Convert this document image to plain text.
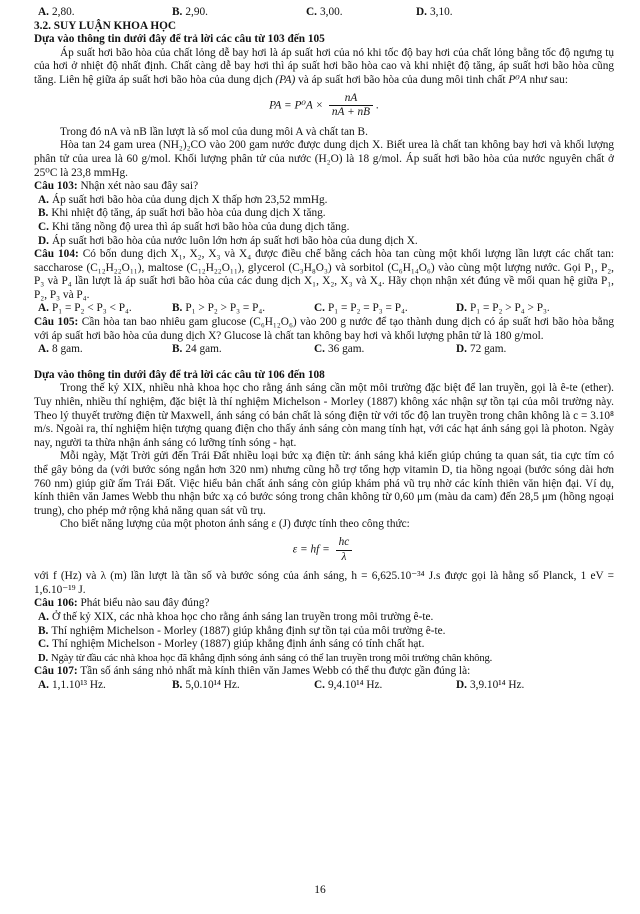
A. 2,80.	B. 2,90.	C. 3,00.	D. 3,10.
3.2. SUY LUẬN KHOA HỌC
Dựa vào thông tin dưới đây để trả lời các câu từ 103 đến 105
Áp suất hơi bão hòa của chất lỏng dễ bay hơi là áp suất hơi của nó khi tốc độ bay hơi của chất lỏng bằng tốc độ ngưng tụ của hơi ở nhiệt độ nhất định. Chất càng dễ bay hơi thì áp suất hơi bão hòa cao và khi nhiệt độ tăng, áp suất hơi bão hòa cũng tăng. Liên hệ giữa áp suất hơi bão hòa của dung dịch (PA) và áp suất hơi bão hòa của dung môi tinh chất P⁰A như sau:
PA = $P^0A \times \frac{nA}{nA + nB}$ .
Trong đó nA và nB lần lượt là số mol của dung môi A và chất tan B.
Hòa tan 24 gam urea (NH₂)₂CO vào 200 gam nước được dung dịch X. Biết urea là chất tan không bay hơi và khối lượng phân tử của urea là 60 g/mol. Khối lượng phân tử của nước (H₂O) là 18 g/mol. Áp suất hơi bão hòa của nước nguyên chất ở 25⁰C là 23,8 mmHg.
Câu 103: Nhận xét nào sau đây sai?
A. Áp suất hơi bão hòa của dung dịch X thấp hơn 23,52 mmHg.
B. Khi nhiệt độ tăng, áp suất hơi bão hòa của dung dịch X tăng.
C. Khi tăng nồng độ urea thì áp suất hơi bão hòa của dung dịch tăng.
D. Áp suất hơi bão hòa của nước luôn lớn hơn áp suất hơi bão hòa của dung dịch X.
Câu 104: Có bốn dung dịch X₁, X₂, X₃ và X₄ được điều chế bằng cách hòa tan cùng một khối lượng lần lượt các chất tan: saccharose (C₁₂H₂₂O₁₁), maltose (C₁₂H₂₂O₁₁), glycerol (C₃H₈O₃) và sorbitol (C₆H₁₄O₆) vào cùng một lượng nước. Gọi P₁, P₂, P₃ và P₄ lần lượt là áp suất hơi bão hòa của các dung dịch X₁, X₂, X₃ và X₄. Hãy chọn nhận xét đúng về mối quan hệ giữa P₁, P₂, P₃ và P₄.
A. P₁ = P₂ < P₃ < P₄.	B. P₁ > P₂ > P₃ = P₄.	C. P₁ = P₂ = P₃ = P₄.	D. P₁ = P₂ > P₄ > P₃.
Câu 105: Cần hòa tan bao nhiêu gam glucose (C₆H₁₂O₆) vào 200 g nước để tạo thành dung dịch có áp suất hơi bão hòa bằng với áp suất hơi bão hòa của dung dịch X? Glucose là chất tan không bay hơi và khối lượng phân tử là 180 g/mol.
A. 8 gam.	B. 24 gam.	C. 36 gam.	D. 72 gam.
Dựa vào thông tin dưới đây để trả lời các câu từ 106 đến 108
Trong thế kỷ XIX, nhiều nhà khoa học cho rằng ánh sáng cần một môi trường đặc biệt để lan truyền, gọi là ê-te (ether). Tuy nhiên, nhiều thí nghiệm, đặc biệt là thí nghiệm Michelson - Morley (1887) không xác nhận sự tồn tại của môi trường này. Theo lý thuyết trường điện từ Maxwell, ánh sáng có bản chất là sóng điện từ với tốc độ lan truyền trong chân không là c = 3.10⁸ m/s. Ngoài ra, thí nghiệm hiện tượng quang điện cho thấy ánh sáng còn mang tính hạt, với các hạt ánh sáng gọi là photon. Ngày nay, người ta thừa nhận ánh sáng có lưỡng tính sóng - hạt.
Mỗi ngày, Mặt Trời gửi đến Trái Đất nhiều loại bức xạ điện từ: ánh sáng khả kiến giúp chúng ta quan sát, tia cực tím có thể gây bỏng da (với bước sóng ngắn hơn 320 nm) nhưng cũng hỗ trợ tổng hợp vitamin D, tia hồng ngoại (bước sóng dài hơn 760 nm) giúp giữ ấm Trái Đất. Việc hiểu bản chất ánh sáng còn giúp khám phá vũ trụ nhờ các kính thiên văn hiện đại. Ví dụ, kính thiên văn James Webb thu nhận bức xạ có bước sóng trong chân không từ 0,60 μm (màu da cam) đến 28,5 μm (hồng ngoại trung), cho phép mở rộng khả năng quan sát vũ trụ.
Cho biết năng lượng của một photon ánh sáng ε (J) được tính theo công thức:
ε = hf = $\frac{hc}{\lambda}$
với f (Hz) và λ (m) lần lượt là tần số và bước sóng của ánh sáng, h = 6,625.10⁻³⁴ J.s được gọi là hằng số Planck, 1 eV = 1,6.10⁻¹⁹ J.
Câu 106: Phát biểu nào sau đây đúng?
A. Ở thế kỷ XIX, các nhà khoa học cho rằng ánh sáng lan truyền trong môi trường ê-te.
B. Thí nghiệm Michelson - Morley (1887) giúp khẳng định sự tồn tại của môi trường ê-te.
C. Thí nghiệm Michelson - Morley (1887) giúp khẳng định ánh sáng có tính chất hạt.
D. Ngày từ đầu các nhà khoa học đã khẳng định sóng ánh sáng có thể lan truyền trong môi trường chân không.
Câu 107: Tần số ánh sáng nhỏ nhất mà kính thiên văn James Webb có thể thu được gần đúng là:
A. 1,1.10¹³ Hz.	B. 5,0.10¹⁴ Hz.	C. 9,4.10¹⁴ Hz.	D. 3,9.10¹⁴ Hz.
16
